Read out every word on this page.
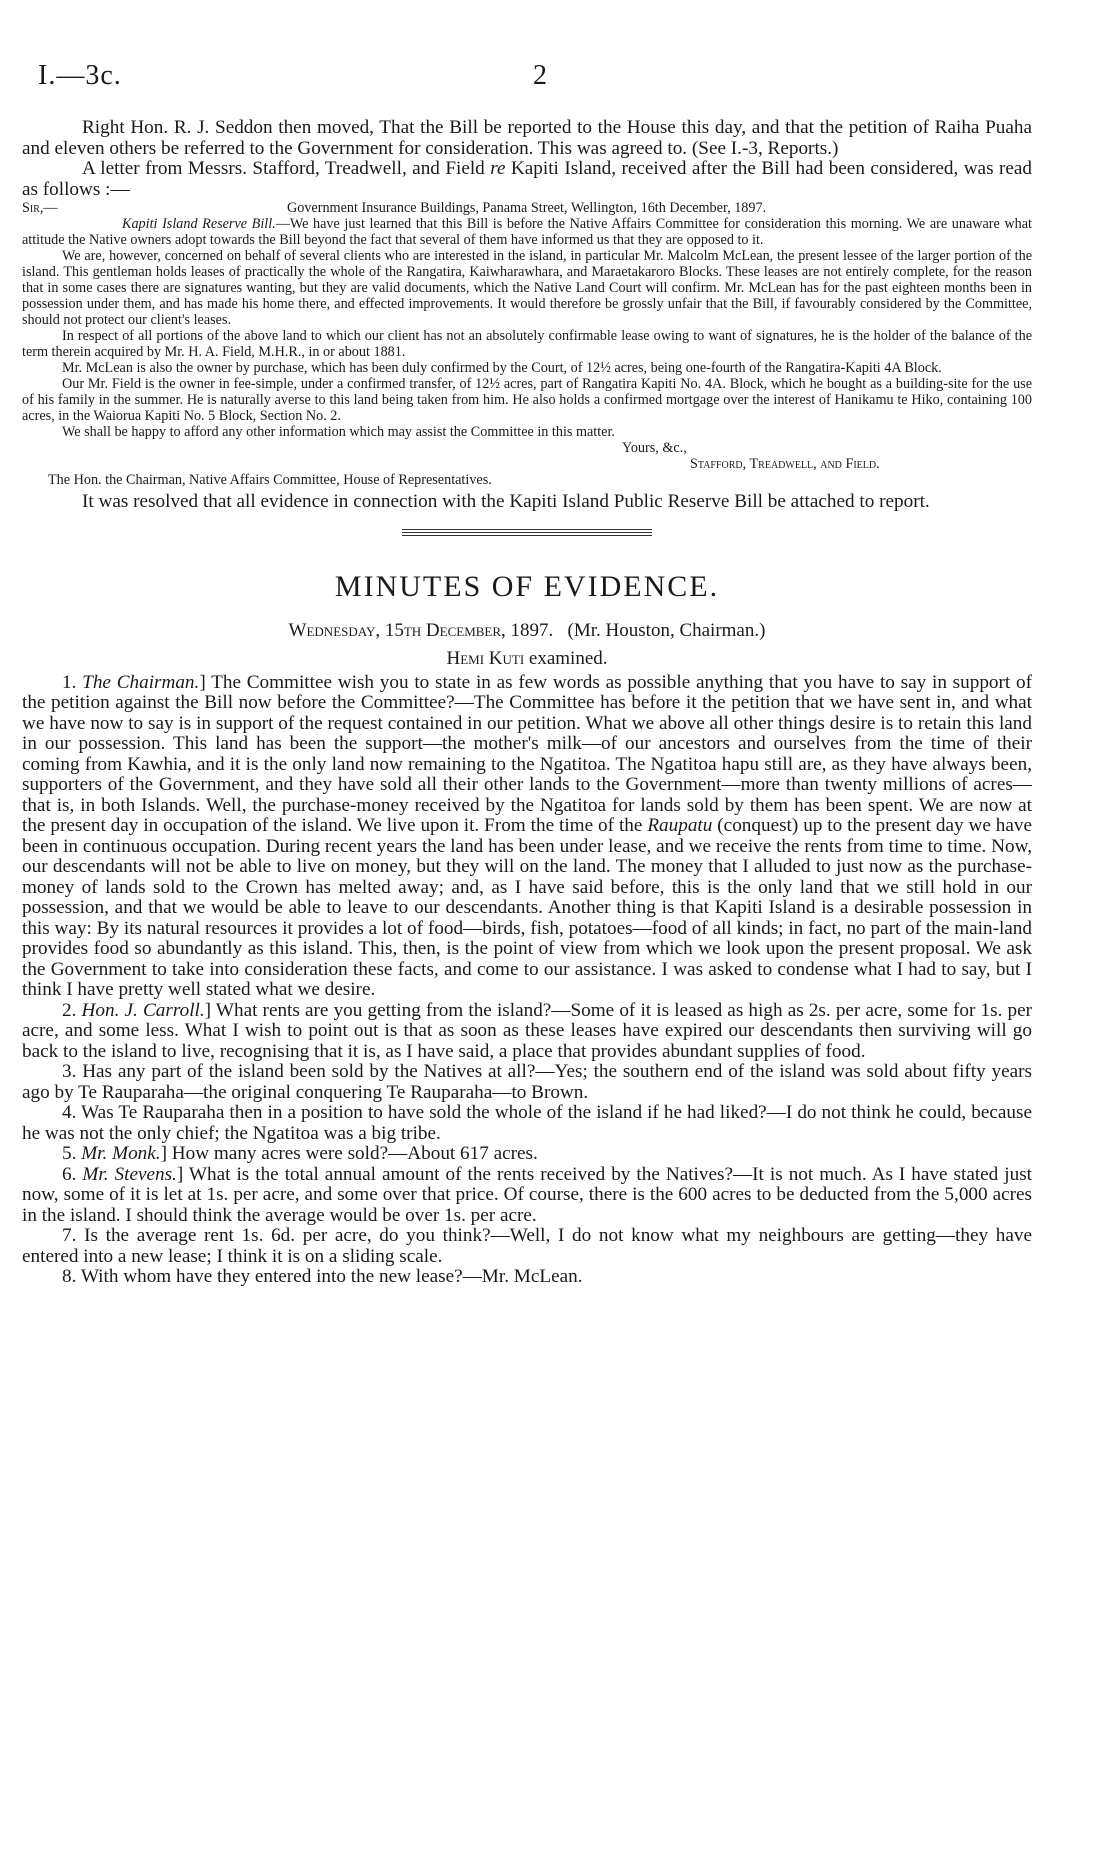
I.—3c.	2

Right Hon. R. J. Seddon then moved, That the Bill be reported to the House this day, and that the petition of Raiha Puaha and eleven others be referred to the Government for consideration. This was agreed to. (See I.-3, Reports.)

A letter from Messrs. Stafford, Treadwell, and Field re Kapiti Island, received after the Bill had been considered, was read as follows :—

Sir,—	Government Insurance Buildings, Panama Street, Wellington, 16th December, 1897.

Kapiti Island Reserve Bill.—We have just learned that this Bill is before the Native Affairs Committee for consideration this morning. We are unaware what attitude the Native owners adopt towards the Bill beyond the fact that several of them have informed us that they are opposed to it.

We are, however, concerned on behalf of several clients who are interested in the island, in particular Mr. Malcolm McLean, the present lessee of the larger portion of the island. This gentleman holds leases of practically the whole of the Rangatira, Kaiwharawhara, and Maraetakaroro Blocks. These leases are not entirely complete, for the reason that in some cases there are signatures wanting, but they are valid documents, which the Native Land Court will confirm. Mr. McLean has for the past eighteen months been in possession under them, and has made his home there, and effected improvements. It would therefore be grossly unfair that the Bill, if favourably considered by the Committee, should not protect our client's leases.

In respect of all portions of the above land to which our client has not an absolutely confirmable lease owing to want of signatures, he is the holder of the balance of the term therein acquired by Mr. H. A. Field, M.H.R., in or about 1881.

Mr. McLean is also the owner by purchase, which has been duly confirmed by the Court, of 12½ acres, being one-fourth of the Rangatira-Kapiti 4A Block.

Our Mr. Field is the owner in fee-simple, under a confirmed transfer, of 12½ acres, part of Rangatira Kapiti No. 4A. Block, which he bought as a building-site for the use of his family in the summer. He is naturally averse to this land being taken from him. He also holds a confirmed mortgage over the interest of Hanikamu te Hiko, containing 100 acres, in the Waiorua Kapiti No. 5 Block, Section No. 2.

We shall be happy to afford any other information which may assist the Committee in this matter.

Yours, &c.,
Stafford, Treadwell, and Field.
The Hon. the Chairman, Native Affairs Committee, House of Representatives.

It was resolved that all evidence in connection with the Kapiti Island Public Reserve Bill be attached to report.

MINUTES OF EVIDENCE.
Wednesday, 15th December, 1897. (Mr. Houston, Chairman.)
Hemi Kuti examined.

1. The Chairman.] The Committee wish you to state in as few words as possible anything that you have to say in support of the petition against the Bill now before the Committee?—The Committee has before it the petition that we have sent in, and what we have now to say is in support of the request contained in our petition. What we above all other things desire is to retain this land in our possession. This land has been the support—the mother's milk—of our ancestors and ourselves from the time of their coming from Kawhia, and it is the only land now remaining to the Ngatitoa. The Ngatitoa hapu still are, as they have always been, supporters of the Government, and they have sold all their other lands to the Government—more than twenty millions of acres—that is, in both Islands. Well, the purchase-money received by the Ngatitoa for lands sold by them has been spent. We are now at the present day in occupation of the island. We live upon it. From the time of the Raupatu (conquest) up to the present day we have been in continuous occupation. During recent years the land has been under lease, and we receive the rents from time to time. Now, our descendants will not be able to live on money, but they will on the land. The money that I alluded to just now as the purchase-money of lands sold to the Crown has melted away; and, as I have said before, this is the only land that we still hold in our possession, and that we would be able to leave to our descendants. Another thing is that Kapiti Island is a desirable possession in this way: By its natural resources it provides a lot of food—birds, fish, potatoes—food of all kinds; in fact, no part of the main-land provides food so abundantly as this island. This, then, is the point of view from which we look upon the present proposal. We ask the Government to take into consideration these facts, and come to our assistance. I was asked to condense what I had to say, but I think I have pretty well stated what we desire.

2. Hon. J. Carroll.] What rents are you getting from the island?—Some of it is leased as high as 2s. per acre, some for 1s. per acre, and some less. What I wish to point out is that as soon as these leases have expired our descendants then surviving will go back to the island to live, recognising that it is, as I have said, a place that provides abundant supplies of food.

3. Has any part of the island been sold by the Natives at all?—Yes; the southern end of the island was sold about fifty years ago by Te Rauparaha—the original conquering Te Rauparaha—to Brown.

4. Was Te Rauparaha then in a position to have sold the whole of the island if he had liked?—I do not think he could, because he was not the only chief; the Ngatitoa was a big tribe.

5. Mr. Monk.] How many acres were sold?—About 617 acres.

6. Mr. Stevens.] What is the total annual amount of the rents received by the Natives?—It is not much. As I have stated just now, some of it is let at 1s. per acre, and some over that price. Of course, there is the 600 acres to be deducted from the 5,000 acres in the island. I should think the average would be over 1s. per acre.

7. Is the average rent 1s. 6d. per acre, do you think?—Well, I do not know what my neighbours are getting—they have entered into a new lease; I think it is on a sliding scale.

8. With whom have they entered into the new lease?—Mr. McLean.
